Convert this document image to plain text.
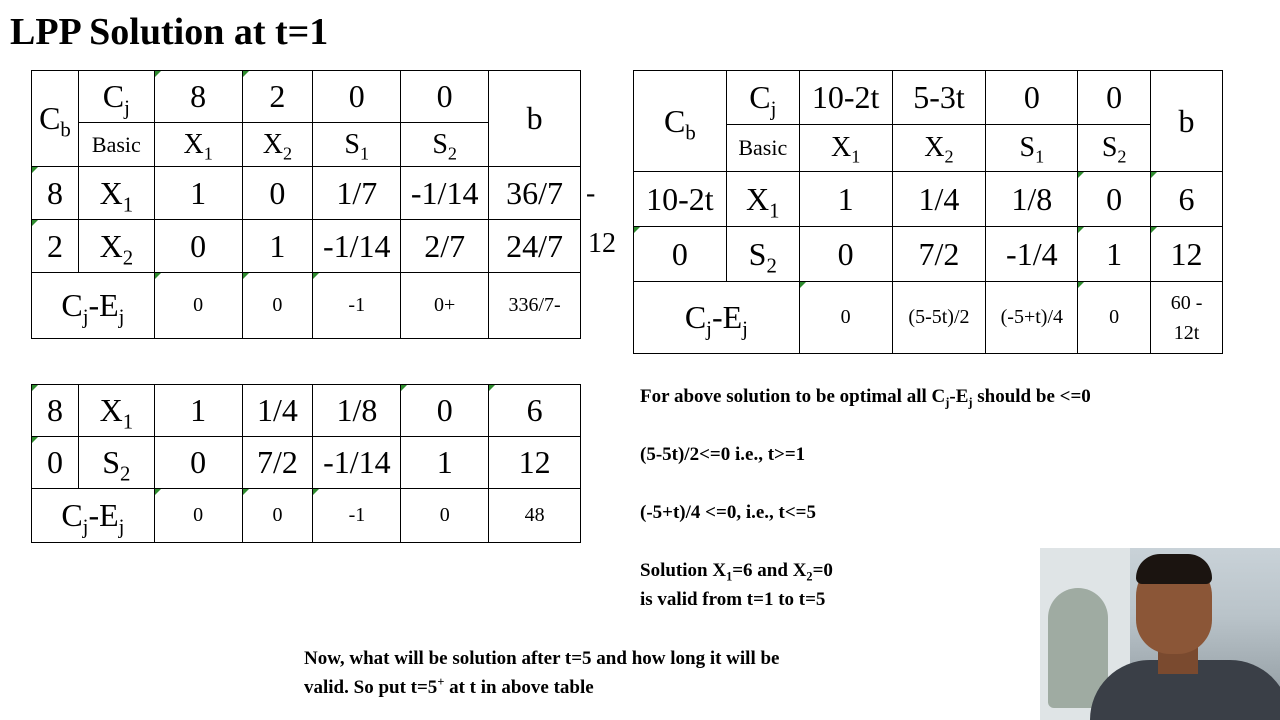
LPP Solution at t=1
$C_b$	$C_j$	8	2	0	0	b
	Basic	$X_1$	$X_2$	$S_1$	$S_2$
8	$X_1$	1	0	1/7	-1/14	36/7
2	$X_2$	0	1	-1/14	2/7	24/7
$C_j-E_j$		0	0	-1	0+	336/7-
-
12
8	$X_1$	1	1/4	1/8	0	6
0	$S_2$	0	7/2	-1/14	1	12
$C_j-E_j$		0	0	-1	0	48
$C_b$	$C_j$	10-2t	5-3t	0	0	b
	Basic	$X_1$	$X_2$	$S_1$	$S_2$
10-2t	$X_1$	1	1/4	1/8	0	6
0	$S_2$	0	7/2	-1/4	1	12
$C_j-E_j$		0	(5-5t)/2	(-5+t)/4	0	60 -
12t
For above solution to be optimal all $C_j-E_j$ should be <=0
(5-5t)/2<=0 i.e., t>=1
(-5+t)/4 <=0, i.e., t<=5
Solution $X_1=6$ and $X_2=0$
is valid from t=1 to t=5
Now, what will be solution after t=5 and how long it will be
valid. So put t=5+ at t in above table
